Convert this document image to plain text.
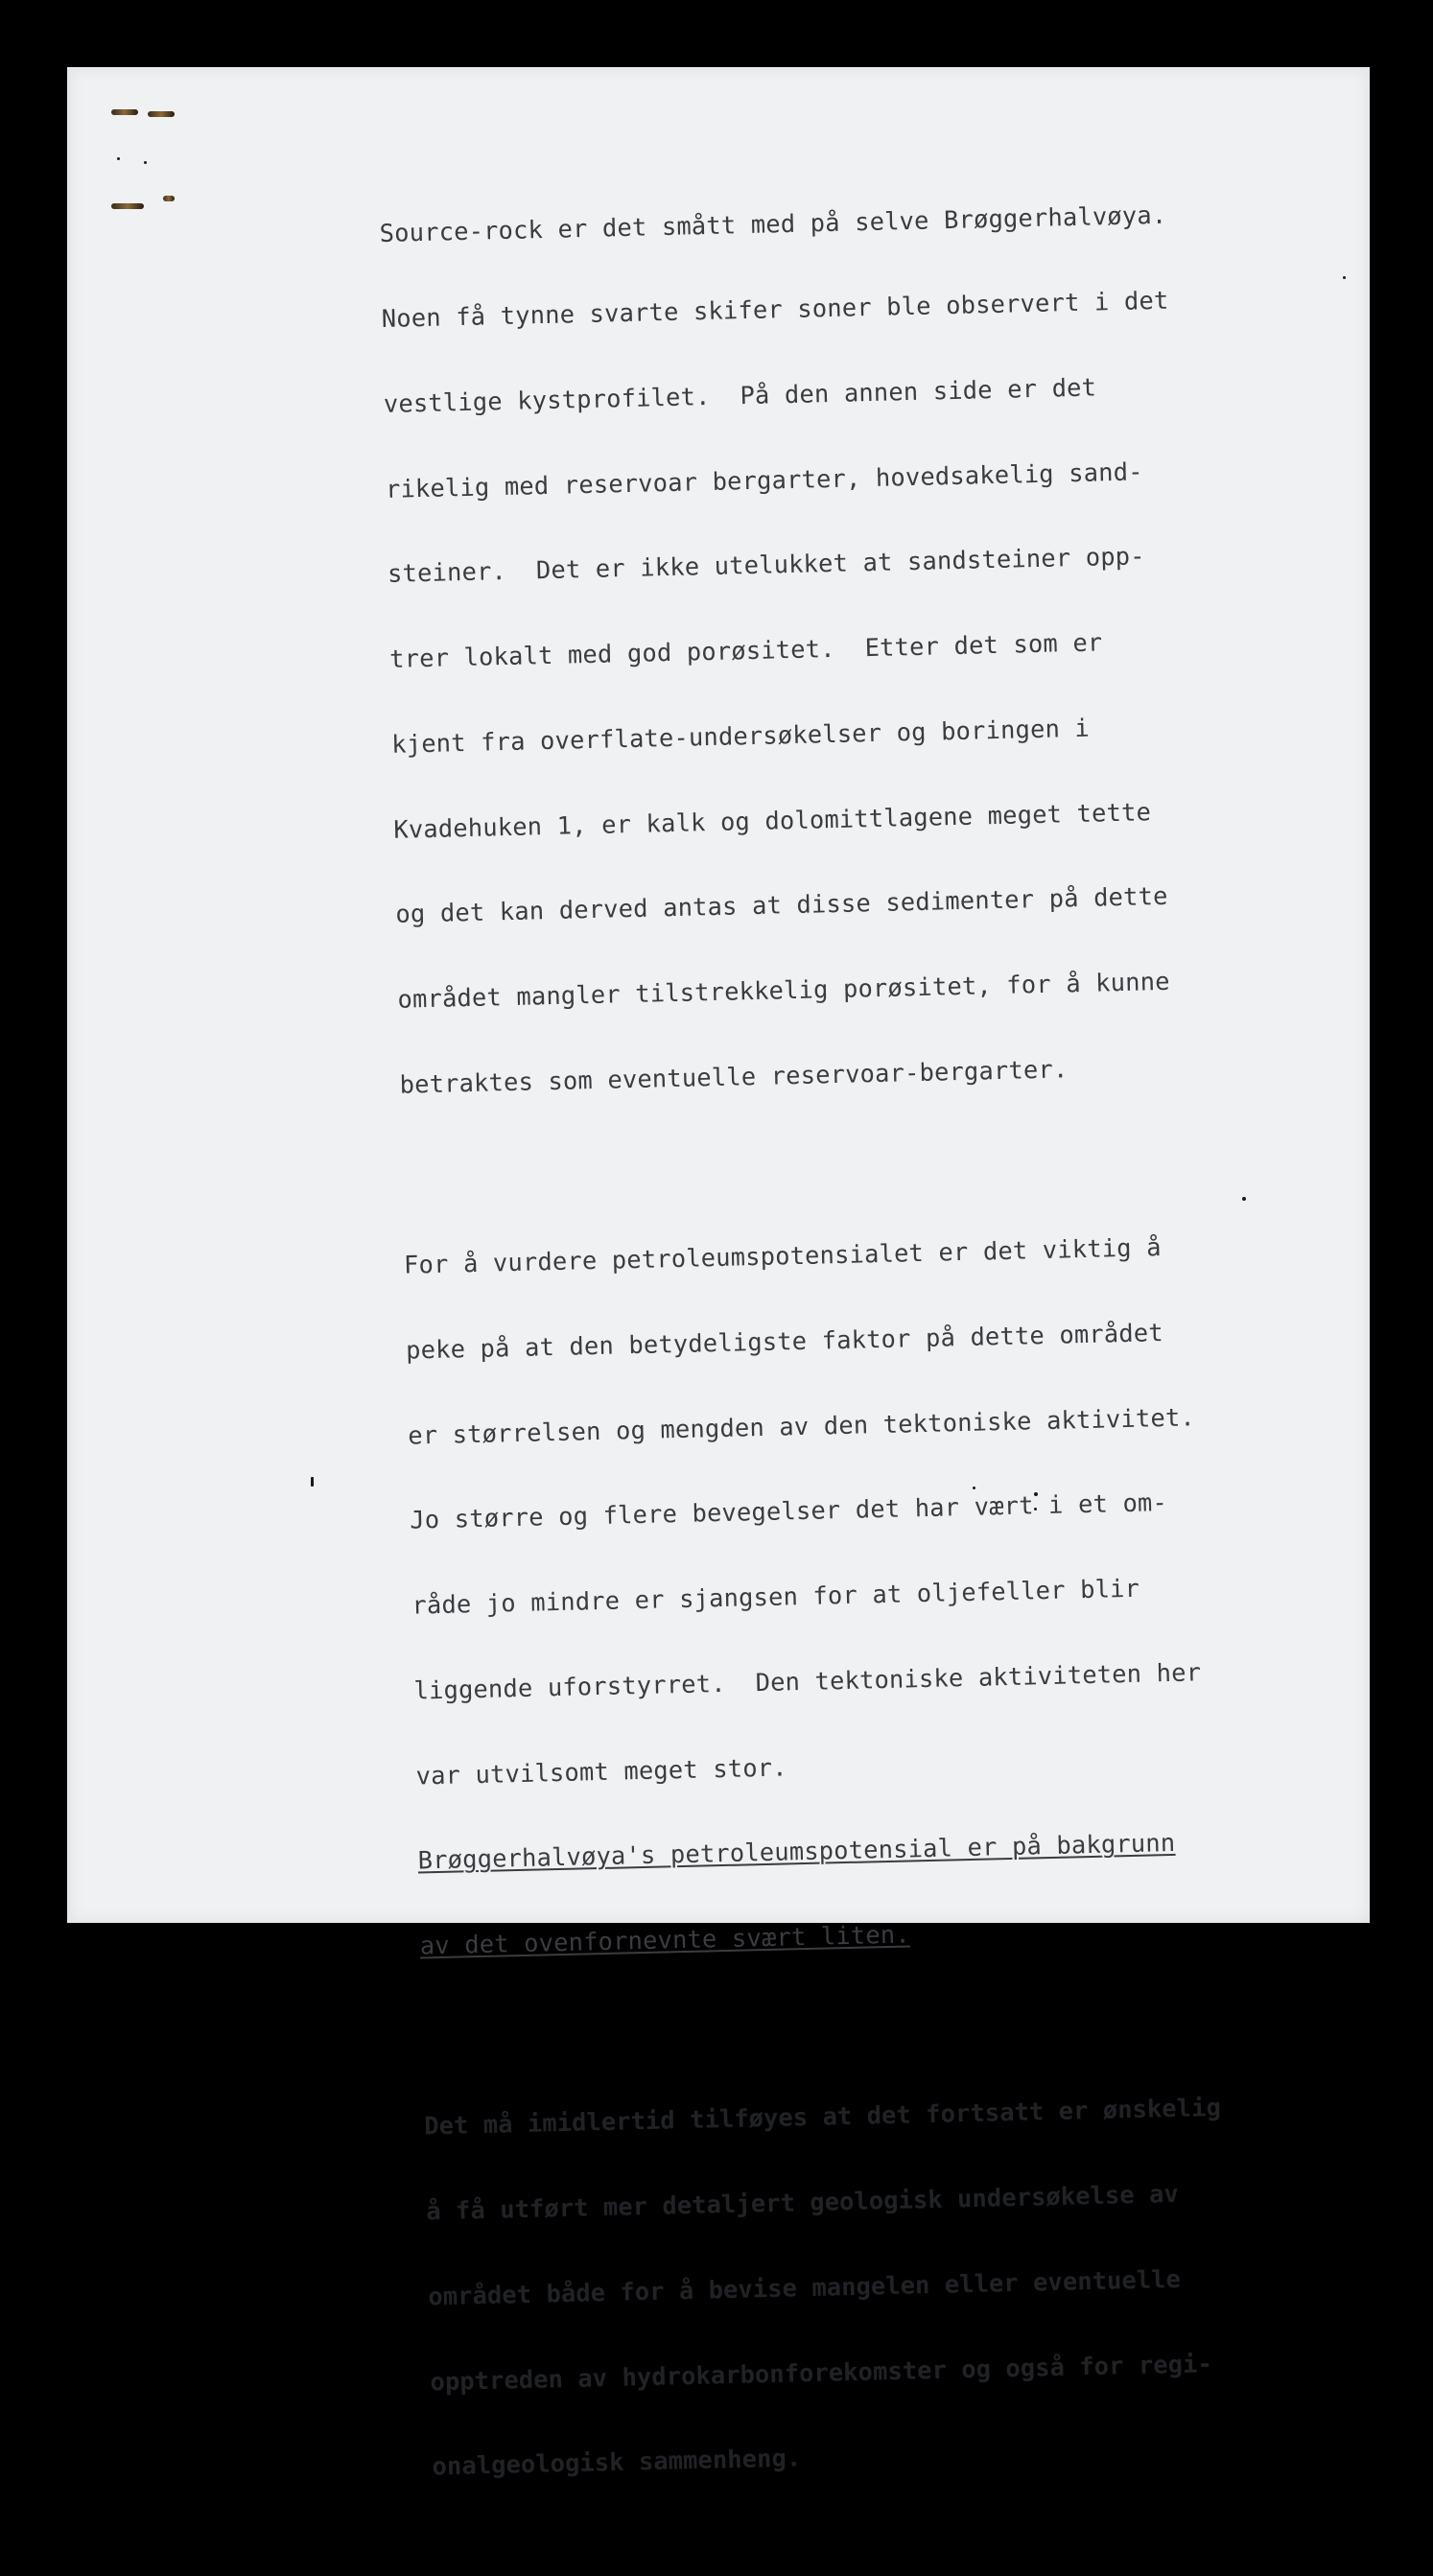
Source-rock er det smått med på selve Brøggerhalvøya.

Noen få tynne svarte skifer soner ble observert i det

vestlige kystprofilet.  På den annen side er det

rikelig med reservoar bergarter, hovedsakelig sand-

steiner.  Det er ikke utelukket at sandsteiner opp-

trer lokalt med god porøsitet.  Etter det som er

kjent fra overflate-undersøkelser og boringen i

Kvadehuken 1, er kalk og dolomittlagene meget tette

og det kan derved antas at disse sedimenter på dette

området mangler tilstrekkelig porøsitet, for å kunne

betraktes som eventuelle reservoar-bergarter.

For å vurdere petroleumspotensialet er det viktig å

peke på at den betydeligste faktor på dette området

er størrelsen og mengden av den tektoniske aktivitet.

Jo større og flere bevegelser det har vært i et om-

råde jo mindre er sjangsen for at oljefeller blir

liggende uforstyrret.  Den tektoniske aktiviteten her

var utvilsomt meget stor.

Brøggerhalvøya's petroleumspotensial er på bakgrunn

av det ovenfornevnte svært liten.

Det må imidlertid tilføyes at det fortsatt er ønskelig

å få utført mer detaljert geologisk undersøkelse av

området både for å bevise mangelen eller eventuelle

opptreden av hydrokarbonforekomster og også for regi-

onalgeologisk sammenheng.
